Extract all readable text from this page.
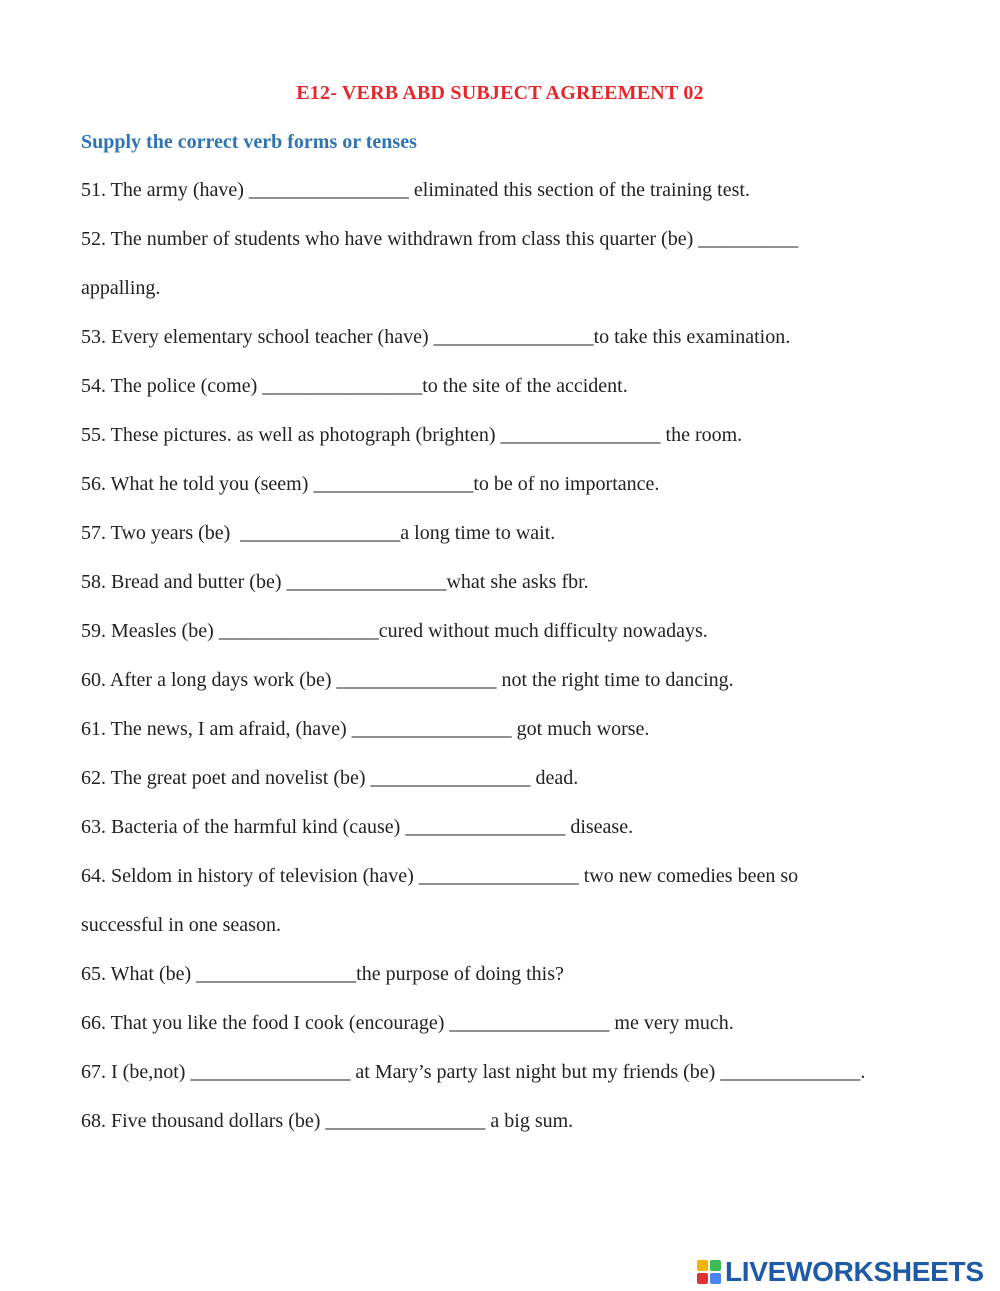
E12- VERB ABD SUBJECT AGREEMENT 02
Supply the correct verb forms or tenses
51. The army (have) ________________ eliminated this section of the training test.
52. The number of students who have withdrawn from class this quarter (be) __________
appalling.
53. Every elementary school teacher (have) ________________to take this examination.
54. The police (come) ________________to the site of the accident.
55. These pictures. as well as photograph (brighten) ________________ the room.
56. What he told you (seem) ________________to be of no importance.
57. Two years (be)  ________________a long time to wait.
58. Bread and butter (be) ________________what she asks fbr.
59. Measles (be) ________________cured without much difficulty nowadays.
60. After a long days work (be) ________________ not the right time to dancing.
61. The news, I am afraid, (have) ________________ got much worse.
62. The great poet and novelist (be) ________________ dead.
63. Bacteria of the harmful kind (cause) ________________ disease.
64. Seldom in history of television (have) ________________ two new comedies been so
successful in one season.
65. What (be) ________________the purpose of doing this?
66. That you like the food I cook (encourage) ________________ me very much.
67. I (be,not) ________________ at Mary’s party last night but my friends (be) ______________.
68. Five thousand dollars (be) ________________ a big sum.
LIVEWORKSHEETS
